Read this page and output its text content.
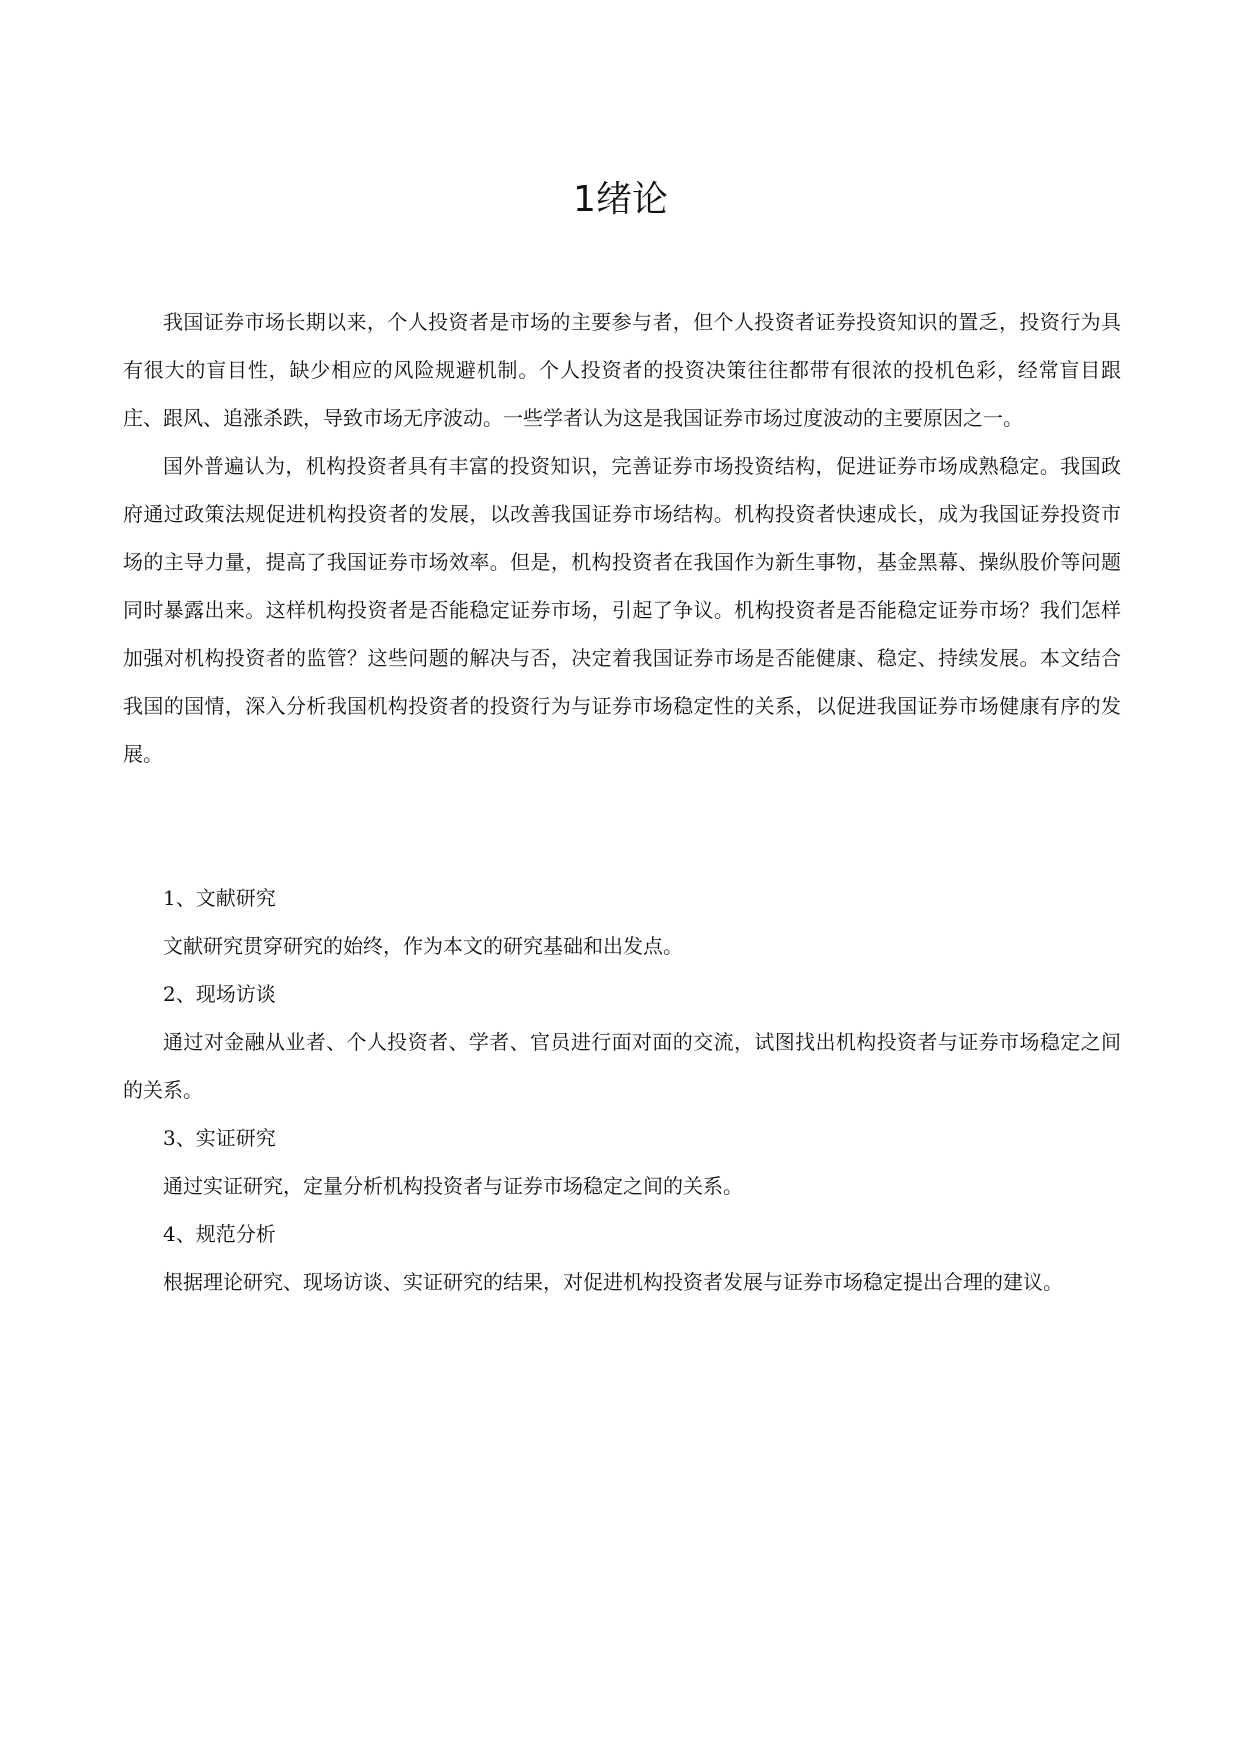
1绪论

我国证券市场长期以来，个人投资者是市场的主要参与者，但个人投资者证券投资知识的置乏，投资行为具有很大的盲目性，缺少相应的风险规避机制。个人投资者的投资决策往往都带有很浓的投机色彩，经常盲目跟庄、跟风、追涨杀跌，导致市场无序波动。一些学者认为这是我国证券市场过度波动的主要原因之一。

国外普遍认为，机构投资者具有丰富的投资知识，完善证券市场投资结构，促进证券市场成熟稳定。我国政府通过政策法规促进机构投资者的发展，以改善我国证券市场结构。机构投资者快速成长，成为我国证券投资市场的主导力量，提高了我国证券市场效率。但是，机构投资者在我国作为新生事物，基金黑幕、操纵股价等问题同时暴露出来。这样机构投资者是否能稳定证券市场，引起了争议。机构投资者是否能稳定证券市场？我们怎样加强对机构投资者的监管？这些问题的解决与否，决定着我国证券市场是否能健康、稳定、持续发展。本文结合我国的国情，深入分析我国机构投资者的投资行为与证券市场稳定性的关系，以促进我国证券市场健康有序的发展。

1、文献研究

文献研究贯穿研究的始终，作为本文的研究基础和出发点。

2、现场访谈

通过对金融从业者、个人投资者、学者、官员进行面对面的交流，试图找出机构投资者与证券市场稳定之间的关系。

3、实证研究

通过实证研究，定量分析机构投资者与证券市场稳定之间的关系。

4、规范分析

根据理论研究、现场访谈、实证研究的结果，对促进机构投资者发展与证券市场稳定提出合理的建议。
